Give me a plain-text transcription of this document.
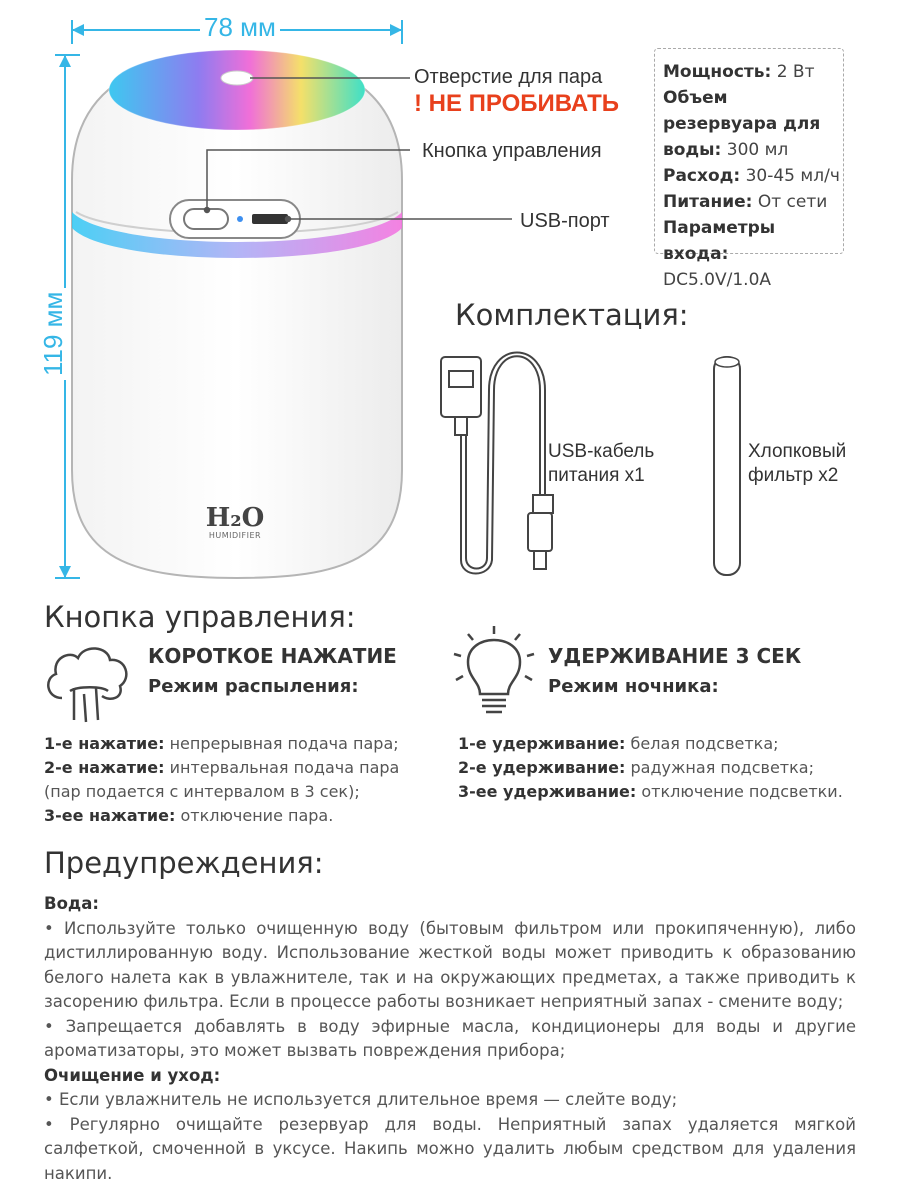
78 мм
119 мм
H₂O
HUMIDIFIER
Отверстие для пара
! НЕ ПРОБИВАТЬ
Кнопка управления
USB-порт
Мощность: 2 Вт
Объем резервуара для воды: 300 мл
Расход: 30-45 мл/ч
Питание: От сети
Параметры входа: DC5.0V/1.0A
Комплектация:
USB-кабель
питания х1
Хлопковый
фильтр х2
Кнопка управления:
КОРОТКОЕ НАЖАТИЕ
Режим распыления:
УДЕРЖИВАНИЕ 3 СЕК
Режим ночника:
1-е нажатие: непрерывная подача пара;
2-е нажатие: интервальная подача пара
(пар подается с интервалом в 3 сек);
3-ее нажатие: отключение пара.
1-е удерживание: белая подсветка;
2-е удерживание: радужная подсветка;
3-ее удерживание: отключение подсветки.
Предупреждения:
Вода:
• Используйте только очищенную воду (бытовым фильтром или прокипяченную), либо дистиллированную воду. Использование жесткой воды может приводить к образованию белого налета как в увлажнителе, так и на окружающих предметах, а также приводить к засорению фильтра. Если в процессе работы возникает неприятный запах - смените воду;
• Запрещается добавлять в воду эфирные масла, кондиционеры для воды и другие ароматизаторы, это может вызвать повреждения прибора;
Очищение и уход:
• Если увлажнитель не используется длительное время — слейте воду;
• Регулярно очищайте резервуар для воды. Неприятный запах удаляется мягкой салфеткой, смоченной в уксусе. Накипь можно удалить любым средством для удаления накипи.
